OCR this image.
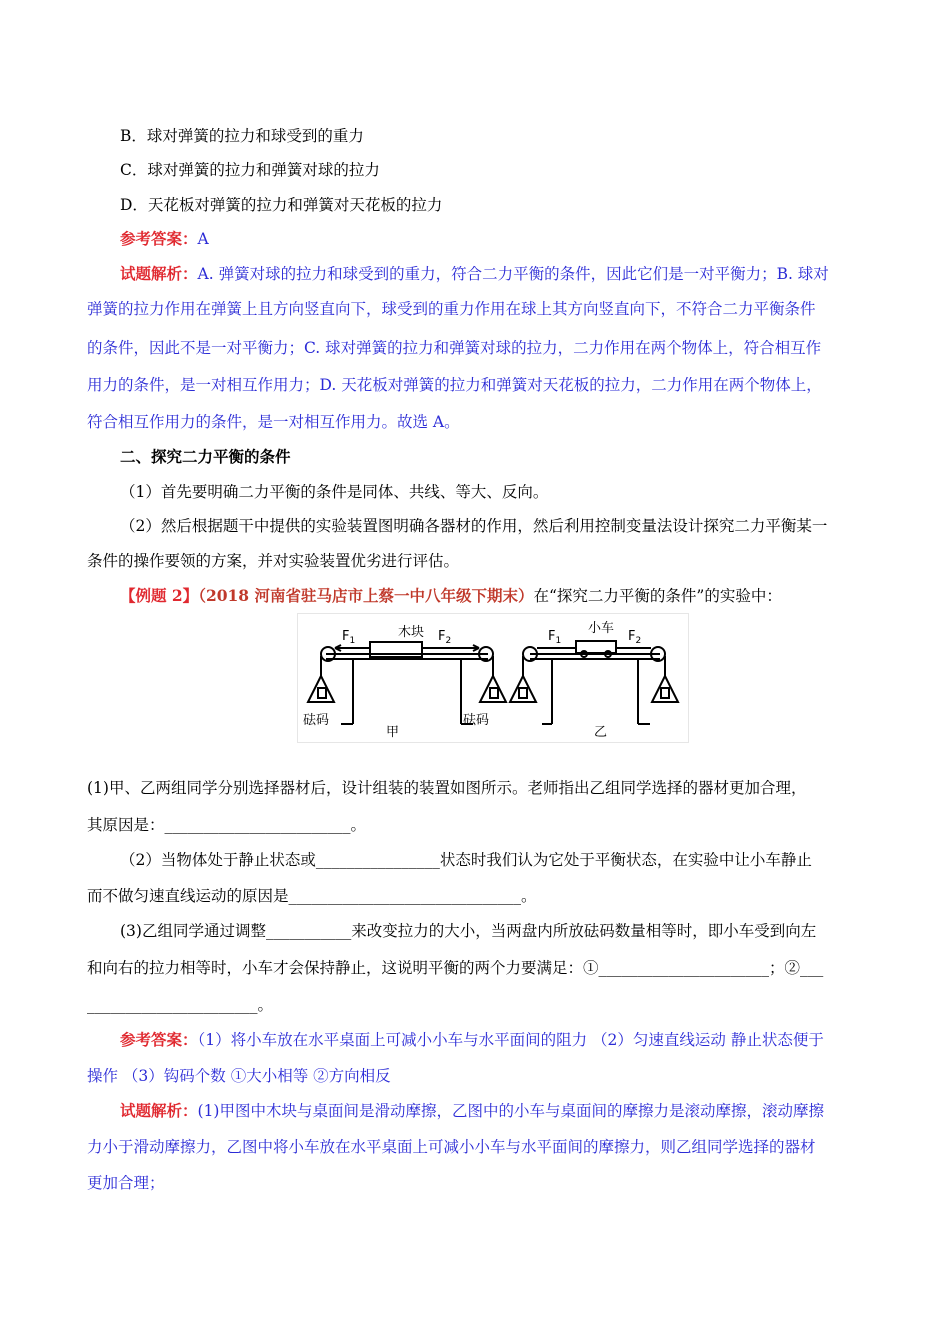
B．球对弹簧的拉力和球受到的重力
C．球对弹簧的拉力和弹簧对球的拉力
D．天花板对弹簧的拉力和弹簧对天花板的拉力
参考答案：A
试题解析：A. 弹簧对球的拉力和球受到的重力，符合二力平衡的条件，因此它们是一对平衡力；B. 球对
弹簧的拉力作用在弹簧上且方向竖直向下，球受到的重力作用在球上其方向竖直向下，不符合二力平衡条件
的条件，因此不是一对平衡力；C. 球对弹簧的拉力和弹簧对球的拉力，二力作用在两个物体上，符合相互作
用力的条件，是一对相互作用力；D. 天花板对弹簧的拉力和弹簧对天花板的拉力，二力作用在两个物体上，
符合相互作用力的条件，是一对相互作用力。故选 A。
二、探究二力平衡的条件
（1）首先要明确二力平衡的条件是同体、共线、等大、反向。
（2）然后根据题干中提供的实验装置图明确各器材的作用，然后利用控制变量法设计探究二力平衡某一
条件的操作要领的方案，并对实验装置优劣进行评估。
【例题 2】（2018 河南省驻马店市上蔡一中八年级下期末）在“探究二力平衡的条件”的实验中：
$F_1$
木块 $F_2$
砝码	砝码
甲
$F_1$
小车
$F_2$
乙
(1)甲、乙两组同学分别选择器材后，设计组装的装置如图所示。老师指出乙组同学选择的器材更加合理，
其原因是：________________________。
（2）当物体处于静止状态或________________状态时我们认为它处于平衡状态，在实验中让小车静止
而不做匀速直线运动的原因是______________________________。
(3)乙组同学通过调整___________来改变拉力的大小，当两盘内所放砝码数量相等时，即小车受到向左
和向右的拉力相等时，小车才会保持静止，这说明平衡的两个力要满足：①______________________；②___
______________________。
参考答案：（1）将小车放在水平桌面上可减小小车与水平面间的阻力 （2）匀速直线运动 静止状态便于
操作 （3）钩码个数 ①大小相等 ②方向相反
试题解析：(1)甲图中木块与桌面间是滑动摩擦，乙图中的小车与桌面间的摩擦力是滚动摩擦，滚动摩擦
力小于滑动摩擦力，乙图中将小车放在水平桌面上可减小小车与水平面间的摩擦力，则乙组同学选择的器材
更加合理；
